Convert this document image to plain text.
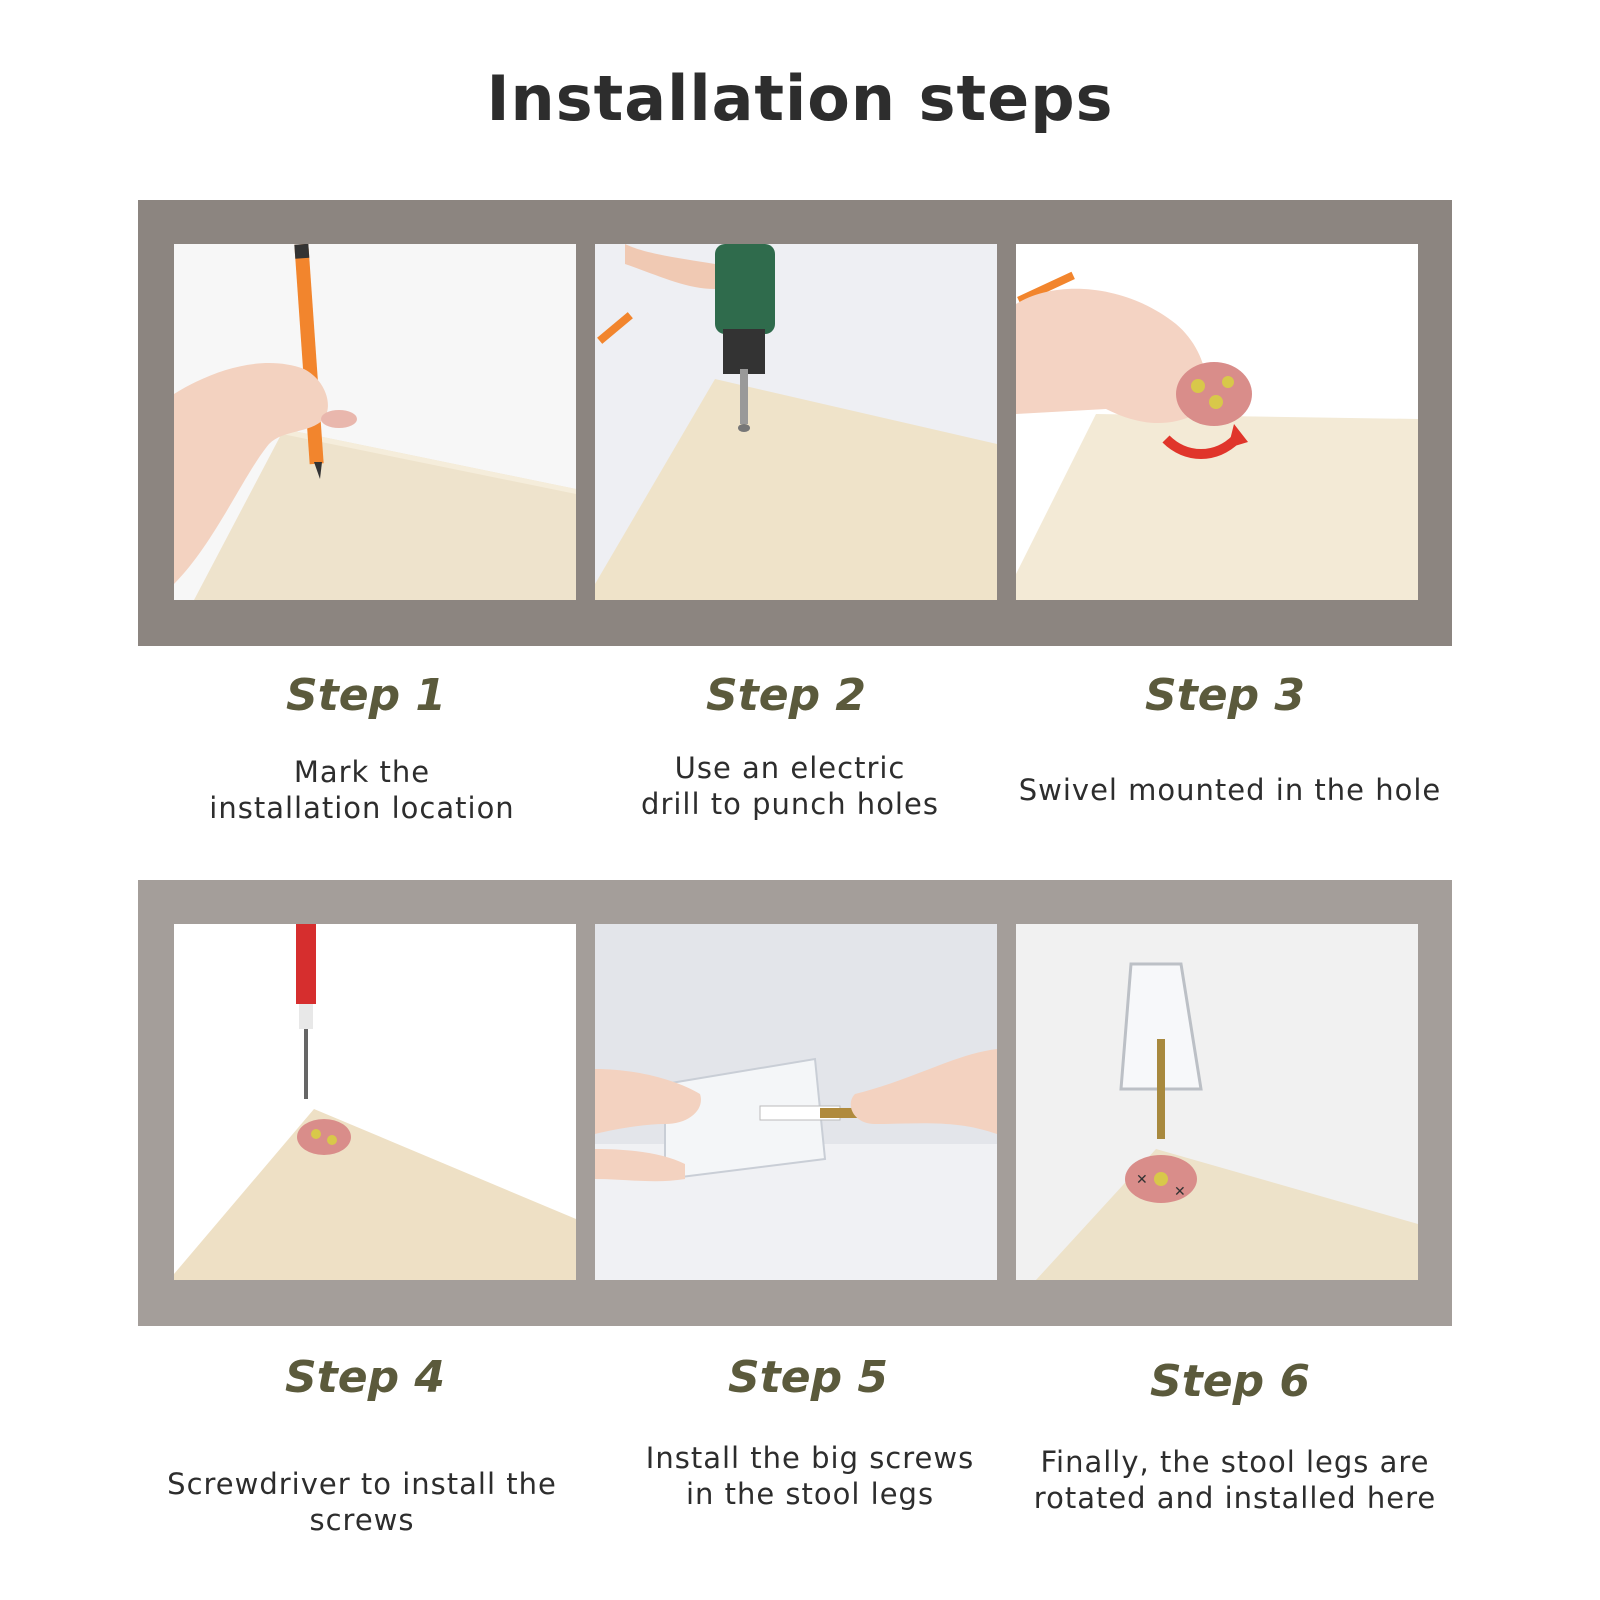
Installation steps
Step 1
Mark the
installation location
Step 2
Use an electric
drill to punch holes
Step 3
Swivel mounted in the hole
✕
✕
Step 4
Screwdriver to install the screws
Step 5
Install the big screws
in the stool legs
Step 6
Finally, the stool legs are
rotated and installed here
